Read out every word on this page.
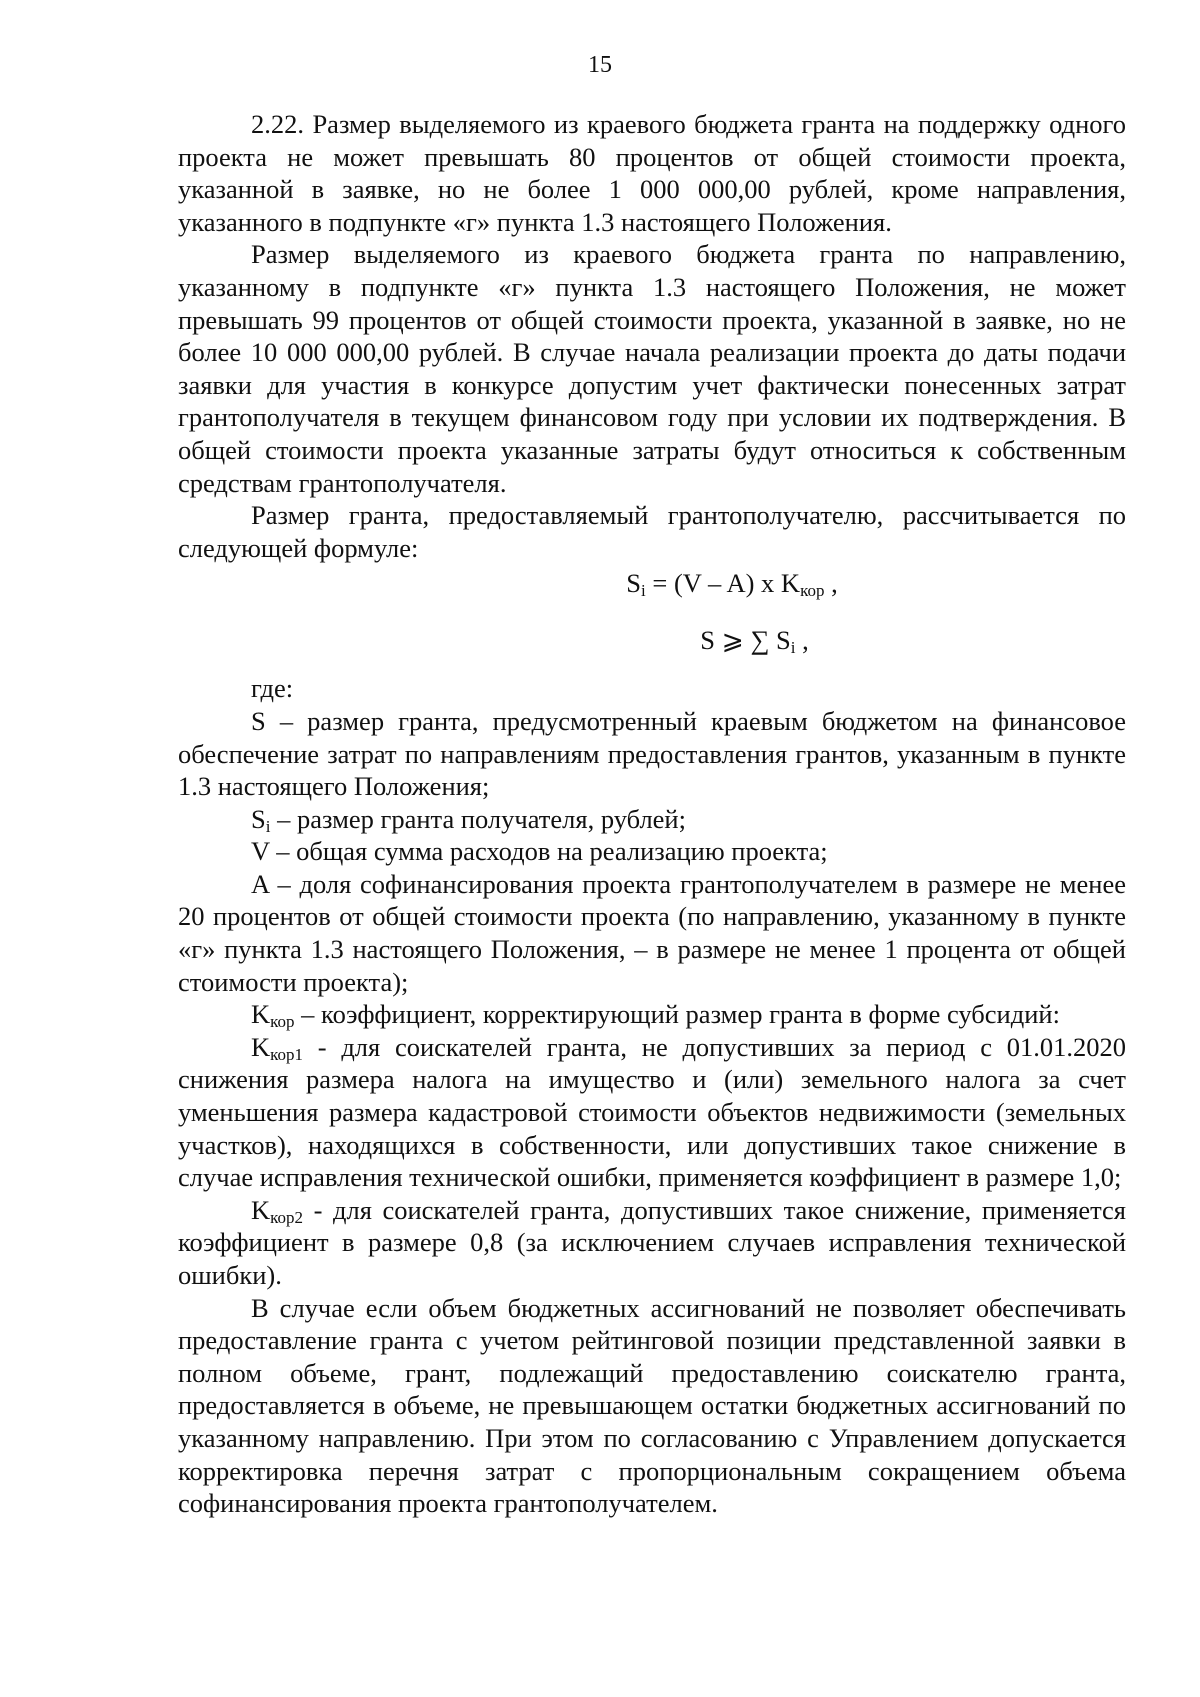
15

2.22. Размер выделяемого из краевого бюджета гранта на поддержку одного проекта не может превышать 80 процентов от общей стоимости проекта, указанной в заявке, но не более 1 000 000,00 рублей, кроме направления, указанного в подпункте «г» пункта 1.3 настоящего Положения.

Размер выделяемого из краевого бюджета гранта по направлению, указанному в подпункте «г» пункта 1.3 настоящего Положения, не может превышать 99 процентов от общей стоимости проекта, указанной в заявке, но не более 10 000 000,00 рублей. В случае начала реализации проекта до даты подачи заявки для участия в конкурсе допустим учет фактически понесенных затрат грантополучателя в текущем финансовом году при условии их подтверждения. В общей стоимости проекта указанные затраты будут относиться к собственным средствам грантополучателя.

Размер гранта, предоставляемый грантополучателю, рассчитывается по следующей формуле:

$S_i = (V - A)$ x $K_{кор}$ ,
S ⩾ ∑ $S_i$ ,

где:

S – размер гранта, предусмотренный краевым бюджетом на финансовое обеспечение затрат по направлениям предоставления грантов, указанным в пункте 1.3 настоящего Положения;

$S_i$ – размер гранта получателя, рублей;

V – общая сумма расходов на реализацию проекта;

A – доля софинансирования проекта грантополучателем в размере не менее 20 процентов от общей стоимости проекта (по направлению, указанному в пункте «г» пункта 1.3 настоящего Положения, – в размере не менее 1 процента от общей стоимости проекта);

$K_{кор}$ – коэффициент, корректирующий размер гранта в форме субсидий:

$K_{кор1}$ - для соискателей гранта, не допустивших за период с 01.01.2020 снижения размера налога на имущество и (или) земельного налога за счет уменьшения размера кадастровой стоимости объектов недвижимости (земельных участков), находящихся в собственности, или допустивших такое снижение в случае исправления технической ошибки, применяется коэффициент в размере 1,0;

$K_{кор2}$ - для соискателей гранта, допустивших такое снижение, применяется коэффициент в размере 0,8 (за исключением случаев исправления технической ошибки).

В случае если объем бюджетных ассигнований не позволяет обеспечивать предоставление гранта с учетом рейтинговой позиции представленной заявки в полном объеме, грант, подлежащий предоставлению соискателю гранта, предоставляется в объеме, не превышающем остатки бюджетных ассигнований по указанному направлению. При этом по согласованию с Управлением допускается корректировка перечня затрат с пропорциональным сокращением объема софинансирования проекта грантополучателем.
